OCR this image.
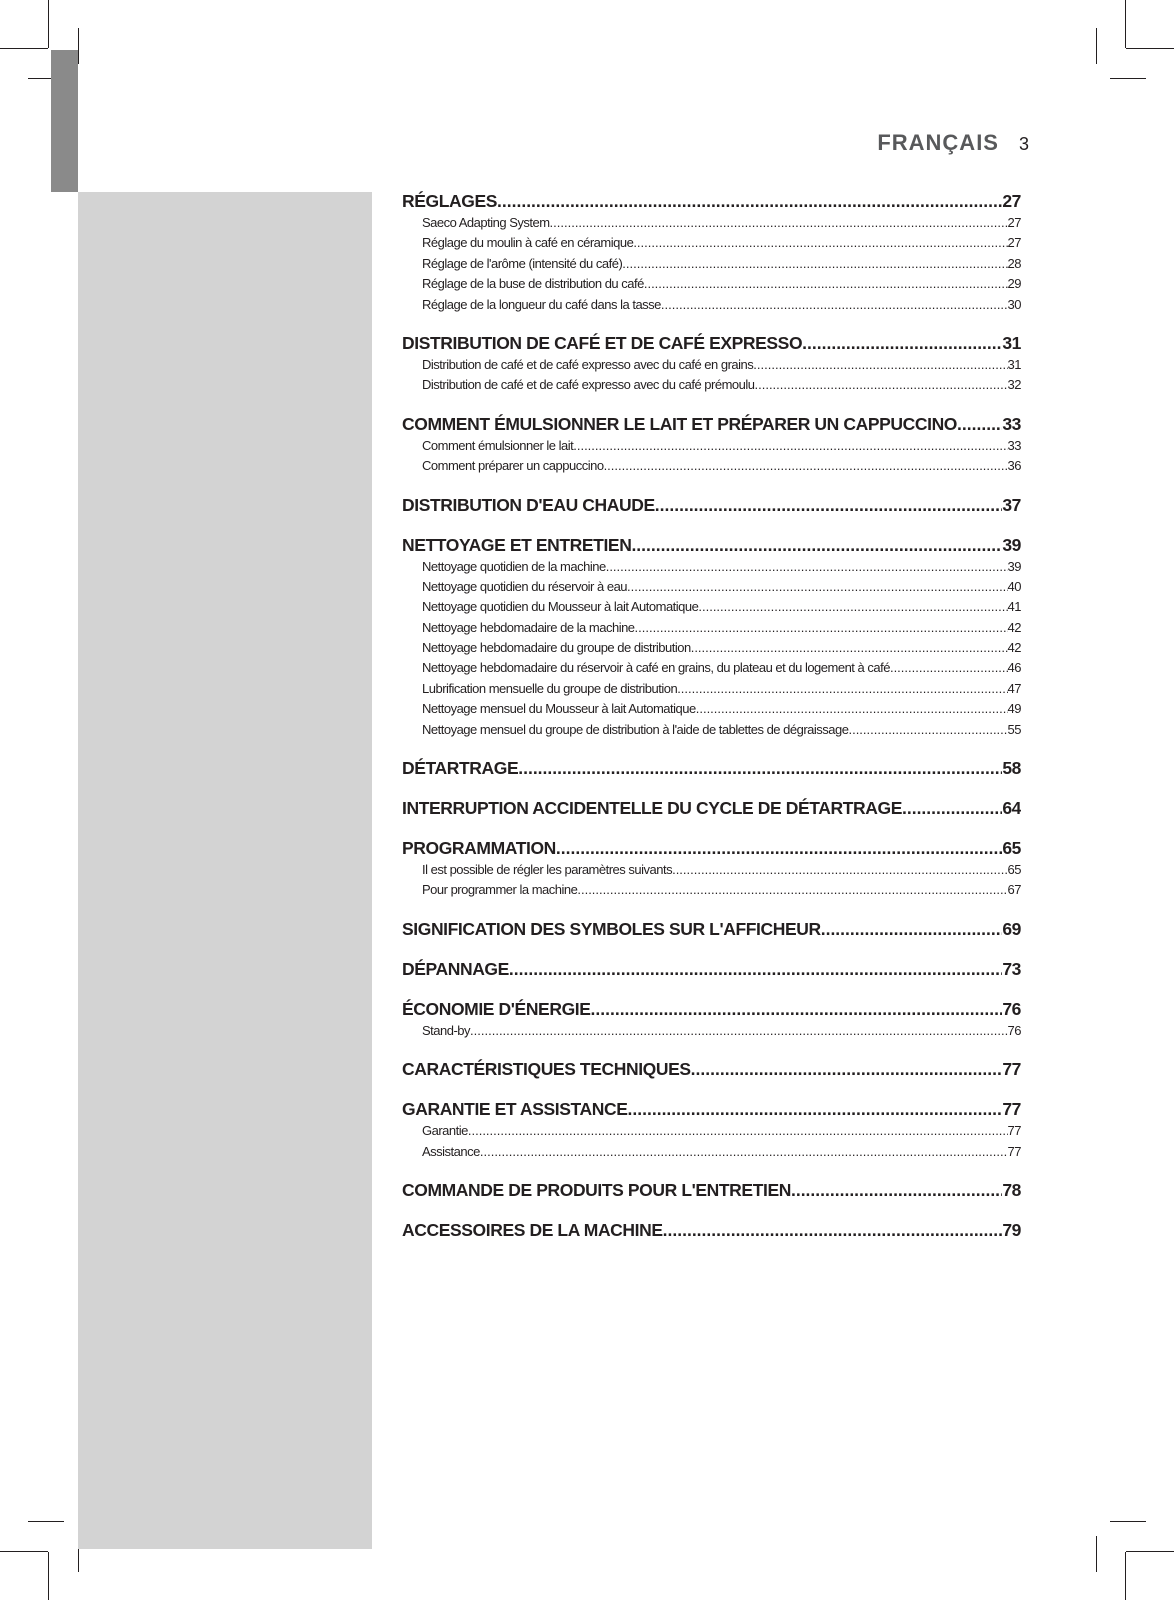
FRANÇAIS 3
RÉGLAGES .....	27
Saeco Adapting System .....	27
Réglage du moulin à café en céramique .....	27
Réglage de l'arôme (intensité du café) .....	28
Réglage de la buse de distribution du café .....	29
Réglage de la longueur du café dans la tasse .....	30
DISTRIBUTION DE CAFÉ ET DE CAFÉ EXPRESSO .....	31
Distribution de café et de café expresso avec du café en grains .....	31
Distribution de café et de café expresso avec du café prémoulu .....	32
COMMENT ÉMULSIONNER LE LAIT ET PRÉPARER UN CAPPUCCINO .....	33
Comment émulsionner le lait .....	33
Comment préparer un cappuccino .....	36
DISTRIBUTION D'EAU CHAUDE .....	37
NETTOYAGE ET ENTRETIEN .....	39
Nettoyage quotidien de la machine .....	39
Nettoyage quotidien du réservoir à eau .....	40
Nettoyage quotidien du Mousseur à lait Automatique .....	41
Nettoyage hebdomadaire de la machine .....	42
Nettoyage hebdomadaire du groupe de distribution .....	42
Nettoyage hebdomadaire du réservoir à café en grains, du plateau et du logement à café .....	46
Lubrification mensuelle du groupe de distribution .....	47
Nettoyage mensuel du Mousseur à lait Automatique .....	49
Nettoyage mensuel du groupe de distribution à l'aide de tablettes de dégraissage .....	55
DÉTARTRAGE .....	58
INTERRUPTION ACCIDENTELLE DU CYCLE DE DÉTARTRAGE .....	64
PROGRAMMATION .....	65
Il est possible de régler les paramètres suivants .....	65
Pour programmer la machine .....	67
SIGNIFICATION DES SYMBOLES SUR L'AFFICHEUR .....	69
DÉPANNAGE .....	73
ÉCONOMIE D'ÉNERGIE .....	76
Stand-by .....	76
CARACTÉRISTIQUES TECHNIQUES .....	77
GARANTIE ET ASSISTANCE .....	77
Garantie .....	77
Assistance .....	77
COMMANDE DE PRODUITS POUR L'ENTRETIEN .....	78
ACCESSOIRES DE LA MACHINE .....	79
